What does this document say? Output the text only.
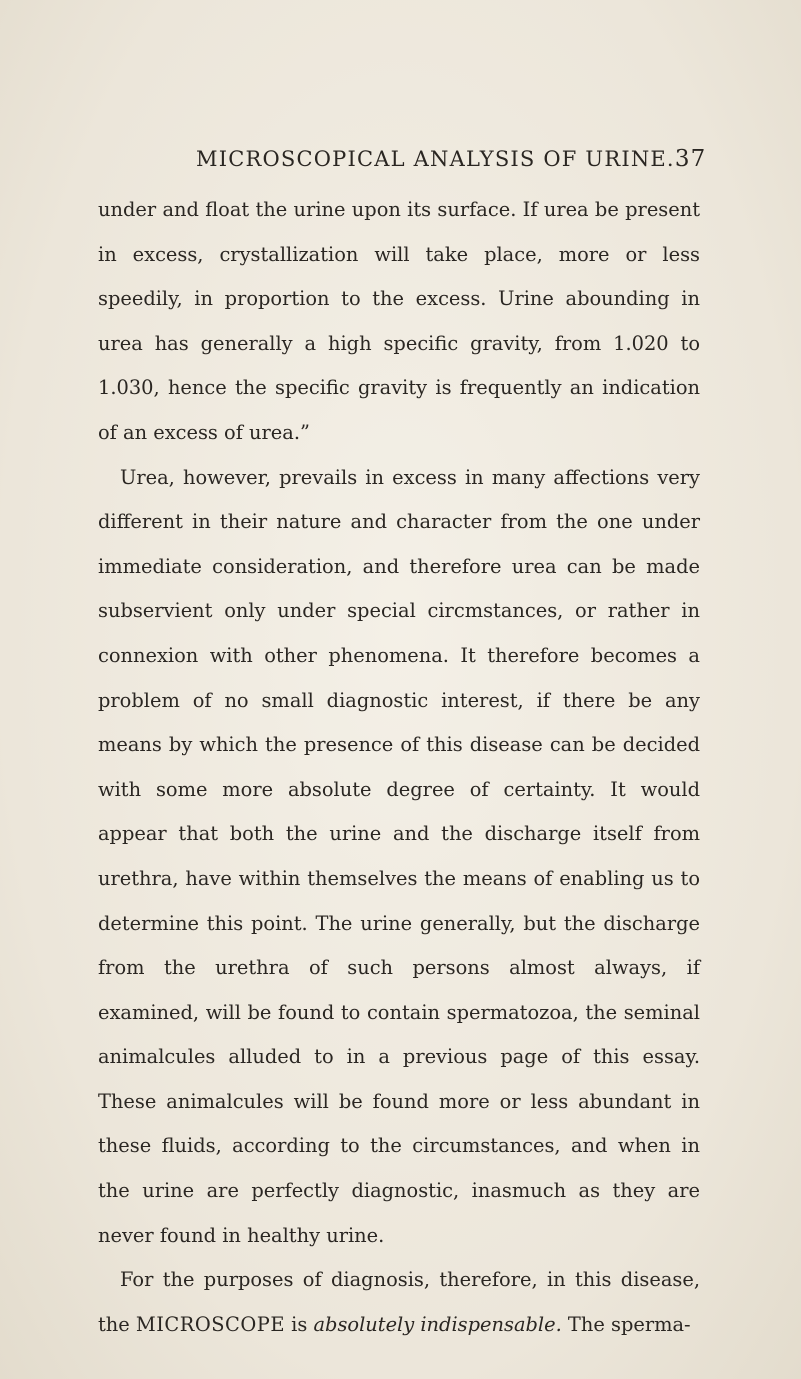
MICROSCOPICAL ANALYSIS OF URINE. 37

under and float the urine upon its surface. If urea be present in excess, crystallization will take place, more or less speedily, in proportion to the excess. Urine abounding in urea has generally a high specific gravity, from 1.020 to 1.030, hence the specific gravity is frequently an indication of an excess of urea.”

Urea, however, prevails in excess in many affections very different in their nature and character from the one under immediate consideration, and therefore urea can be made subservient only under special circmstances, or rather in connexion with other phenomena. It therefore becomes a problem of no small diagnostic interest, if there be any means by which the presence of this disease can be decided with some more absolute degree of certainty. It would appear that both the urine and the discharge itself from urethra, have within themselves the means of enabling us to determine this point. The urine generally, but the discharge from the urethra of such persons almost always, if examined, will be found to contain spermatozoa, the seminal animalcules alluded to in a previous page of this essay. These animalcules will be found more or less abundant in these fluids, according to the circumstances, and when in the urine are perfectly diagnostic, inasmuch as they are never found in healthy urine.

For the purposes of diagnosis, therefore, in this disease, the MICROSCOPE is absolutely indispensable. The sperma-
